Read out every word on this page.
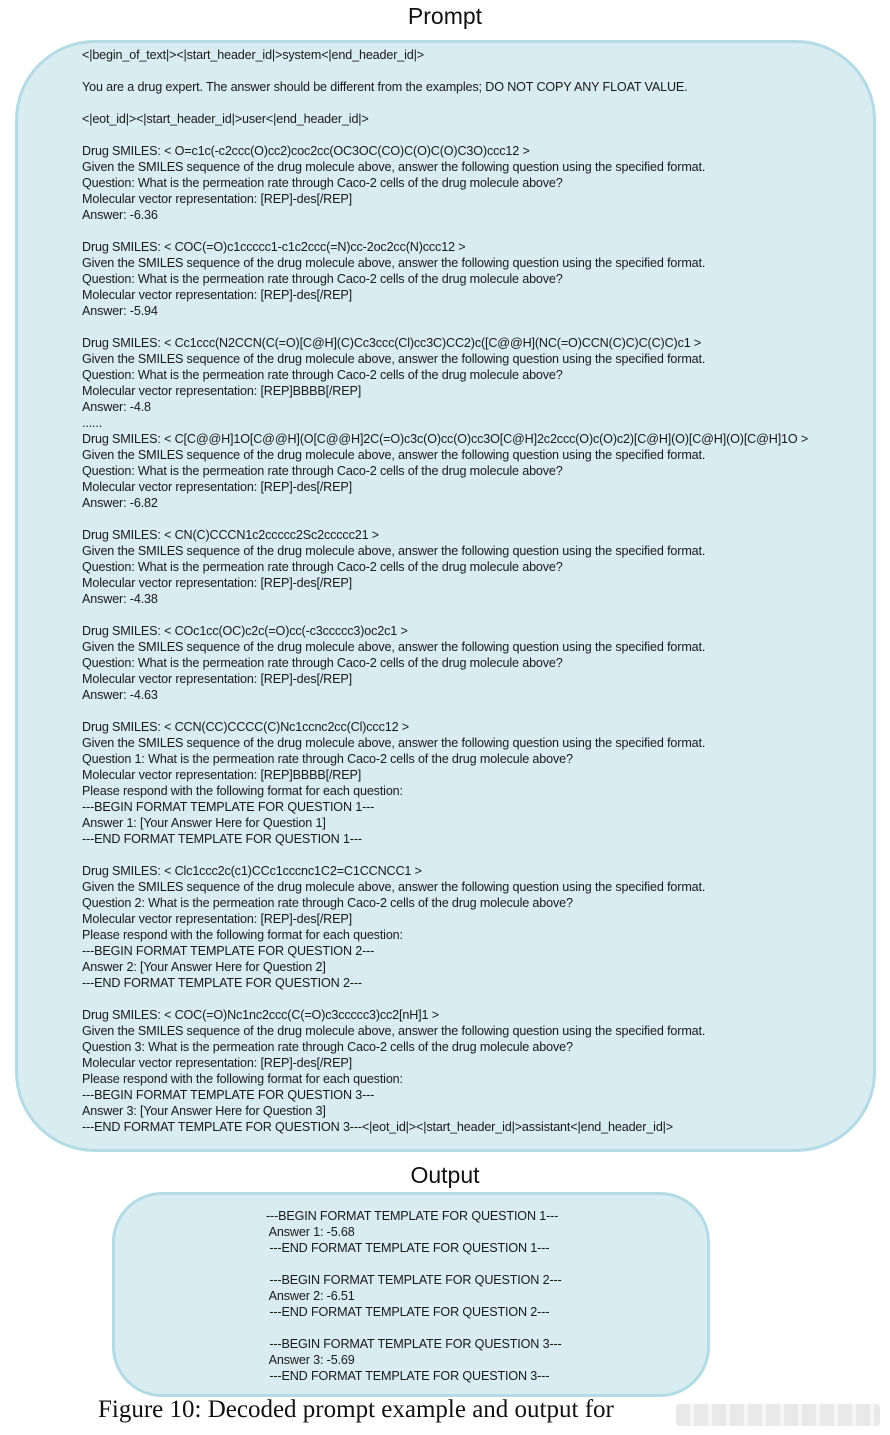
Prompt
<|begin_of_text|><|start_header_id|>system<|end_header_id|>
You are a drug expert. The answer should be different from the examples; DO NOT COPY ANY FLOAT VALUE.
<|eot_id|><|start_header_id|>user<|end_header_id|>
Drug SMILES: < O=c1c(-c2ccc(O)cc2)coc2cc(OC3OC(CO)C(O)C(O)C3O)ccc12 >
Given the SMILES sequence of the drug molecule above, answer the following question using the specified format.
Question: What is the permeation rate through Caco-2 cells of the drug molecule above?
Molecular vector representation: [REP]-des[/REP]
Answer: -6.36
Drug SMILES: < COC(=O)c1ccccc1-c1c2ccc(=N)cc-2oc2cc(N)ccc12 >
Given the SMILES sequence of the drug molecule above, answer the following question using the specified format.
Question: What is the permeation rate through Caco-2 cells of the drug molecule above?
Molecular vector representation: [REP]-des[/REP]
Answer: -5.94
Drug SMILES: < Cc1ccc(N2CCN(C(=O)[C@H](C)Cc3ccc(Cl)cc3C)CC2)c([C@@H](NC(=O)CCN(C)C)C(C)C)c1 >
Given the SMILES sequence of the drug molecule above, answer the following question using the specified format.
Question: What is the permeation rate through Caco-2 cells of the drug molecule above?
Molecular vector representation: [REP]BBBB[/REP]
Answer: -4.8
......
Drug SMILES: < C[C@@H]1O[C@@H](O[C@@H]2C(=O)c3c(O)cc(O)cc3O[C@H]2c2ccc(O)c(O)c2)[C@H](O)[C@H](O)[C@H]1O >
Given the SMILES sequence of the drug molecule above, answer the following question using the specified format.
Question: What is the permeation rate through Caco-2 cells of the drug molecule above?
Molecular vector representation: [REP]-des[/REP]
Answer: -6.82
Drug SMILES: < CN(C)CCCN1c2ccccc2Sc2ccccc21 >
Given the SMILES sequence of the drug molecule above, answer the following question using the specified format.
Question: What is the permeation rate through Caco-2 cells of the drug molecule above?
Molecular vector representation: [REP]-des[/REP]
Answer: -4.38
Drug SMILES: < COc1cc(OC)c2c(=O)cc(-c3ccccc3)oc2c1 >
Given the SMILES sequence of the drug molecule above, answer the following question using the specified format.
Question: What is the permeation rate through Caco-2 cells of the drug molecule above?
Molecular vector representation: [REP]-des[/REP]
Answer: -4.63
Drug SMILES: < CCN(CC)CCCC(C)Nc1ccnc2cc(Cl)ccc12 >
Given the SMILES sequence of the drug molecule above, answer the following question using the specified format.
Question 1: What is the permeation rate through Caco-2 cells of the drug molecule above?
Molecular vector representation: [REP]BBBB[/REP]
Please respond with the following format for each question:
---BEGIN FORMAT TEMPLATE FOR QUESTION 1---
Answer 1: [Your Answer Here for Question 1]
---END FORMAT TEMPLATE FOR QUESTION 1---
Drug SMILES: < Clc1ccc2c(c1)CCc1cccnc1C2=C1CCNCC1 >
Given the SMILES sequence of the drug molecule above, answer the following question using the specified format.
Question 2: What is the permeation rate through Caco-2 cells of the drug molecule above?
Molecular vector representation: [REP]-des[/REP]
Please respond with the following format for each question:
---BEGIN FORMAT TEMPLATE FOR QUESTION 2---
Answer 2: [Your Answer Here for Question 2]
---END FORMAT TEMPLATE FOR QUESTION 2---
Drug SMILES: < COC(=O)Nc1nc2ccc(C(=O)c3ccccc3)cc2[nH]1 >
Given the SMILES sequence of the drug molecule above, answer the following question using the specified format.
Question 3: What is the permeation rate through Caco-2 cells of the drug molecule above?
Molecular vector representation: [REP]-des[/REP]
Please respond with the following format for each question:
---BEGIN FORMAT TEMPLATE FOR QUESTION 3---
Answer 3: [Your Answer Here for Question 3]
---END FORMAT TEMPLATE FOR QUESTION 3---<|eot_id|><|start_header_id|>assistant<|end_header_id|>
Output
---BEGIN FORMAT TEMPLATE FOR QUESTION 1---
Answer 1: -5.68
---END FORMAT TEMPLATE FOR QUESTION 1---
---BEGIN FORMAT TEMPLATE FOR QUESTION 2---
Answer 2: -6.51
---END FORMAT TEMPLATE FOR QUESTION 2---
---BEGIN FORMAT TEMPLATE FOR QUESTION 3---
Answer 3: -5.69
---END FORMAT TEMPLATE FOR QUESTION 3---
Figure 10: Decoded prompt example and output for
